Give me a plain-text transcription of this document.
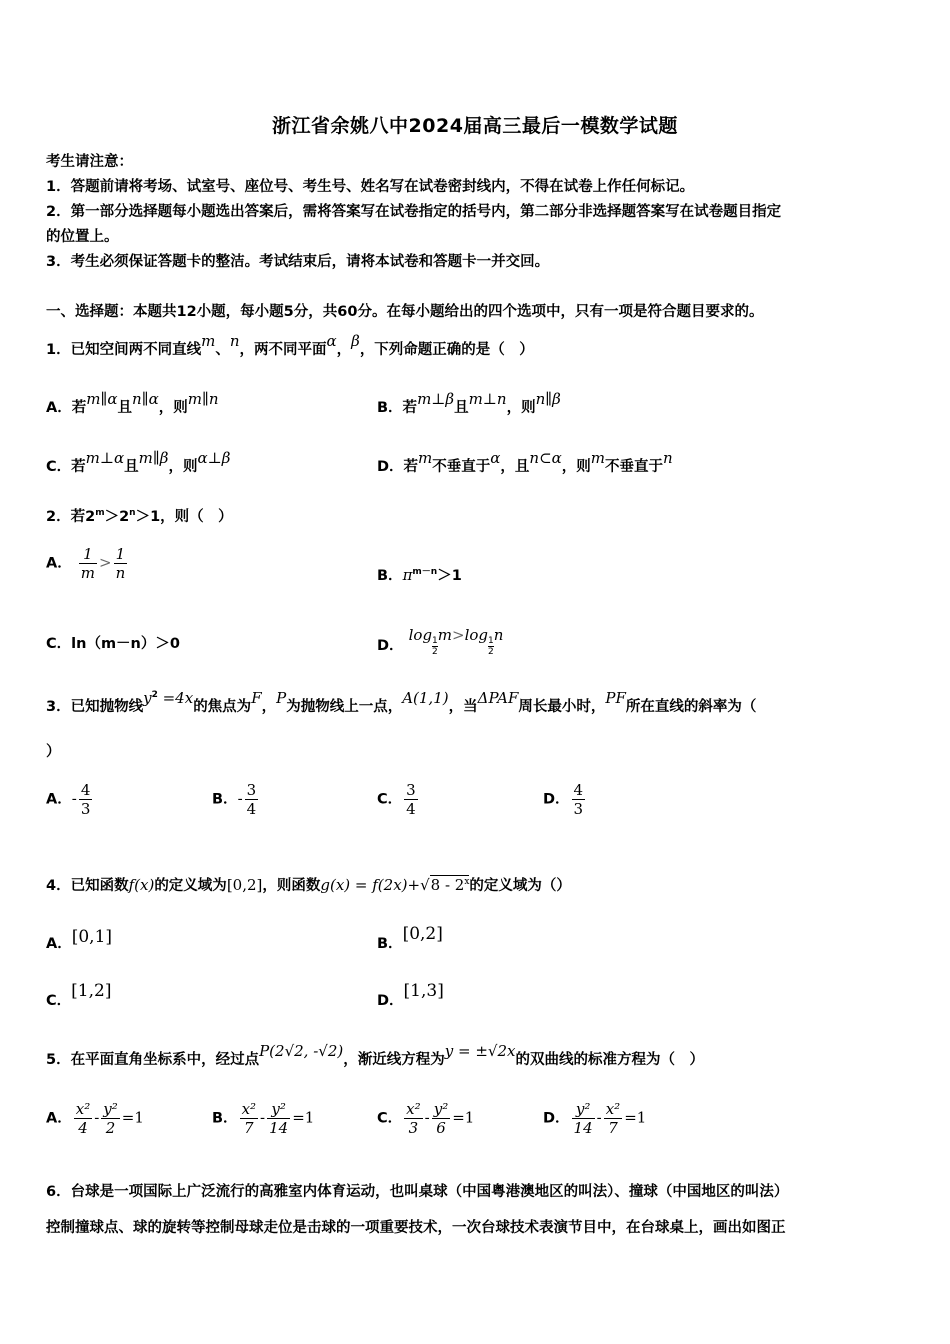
浙江省余姚八中2024届高三最后一模数学试题
考生请注意：
1．答题前请将考场、试室号、座位号、考生号、姓名写在试卷密封线内，不得在试卷上作任何标记。
2．第一部分选择题每小题选出答案后，需将答案写在试卷指定的括号内，第二部分非选择题答案写在试卷题目指定
的位置上。
3．考生必须保证答题卡的整洁。考试结束后，请将本试卷和答题卡一并交回。
一、选择题：本题共12小题，每小题5分，共60分。在每小题给出的四个选项中，只有一项是符合题目要求的。
1．已知空间两不同直线m、n，两不同平面α，β，下列命题正确的是（　）
A．若m∥α且n∥α，则m∥n	B．若m⊥β且m⊥n，则n∥β
C．若m⊥α且m∥β，则α⊥β	D．若m不垂直于α，且n⊂α，则m不垂直于n
2．若$2^m>2^n>1$，则（　）
A． $\frac{1}{m} > \frac{1}{n}$	B．$\pi^{m-n}>1$
C．ln（m－n）＞0	D． log
$\frac{1}{2}$
m>log
$\frac{1}{2}$
n
3．已知抛物线$y^2 =4x$的焦点为F，P为抛物线上一点，A(1,1)，当ΔPAF周长最小时，PF所在直线的斜率为（
）
A．- $\frac{4}{3}$	B．- $\frac{3}{4}$	C． $\frac{3}{4}$	D． $\frac{4}{3}$
4．已知函数f(x)的定义域为[0,2]，则函数g(x) = f(2x)+√8 - 2$^x$的定义域为（）
A．[0,1]	B．[0,2]
C．[1,2]	D．[1,3]
5．在平面直角坐标系中，经过点P(2√2, -√2)，渐近线方程为y = ±√2x的双曲线的标准方程为（　）
A． $\frac{\text{x²}}{4} - \frac{\text{y²}}{2} =1$	B． $\frac{\text{x²}}{7} - \frac{\text{y²}}{14} =1$	C． $\frac{\text{x²}}{3} - \frac{\text{y²}}{6} =1$	D． $\frac{\text{y²}}{14} - \frac{\text{x²}}{7} =1$
6．台球是一项国际上广泛流行的高雅室内体育运动，也叫桌球（中国粤港澳地区的叫法）、撞球（中国地区的叫法）
控制撞球点、球的旋转等控制母球走位是击球的一项重要技术，一次台球技术表演节目中，在台球桌上，画出如图正
